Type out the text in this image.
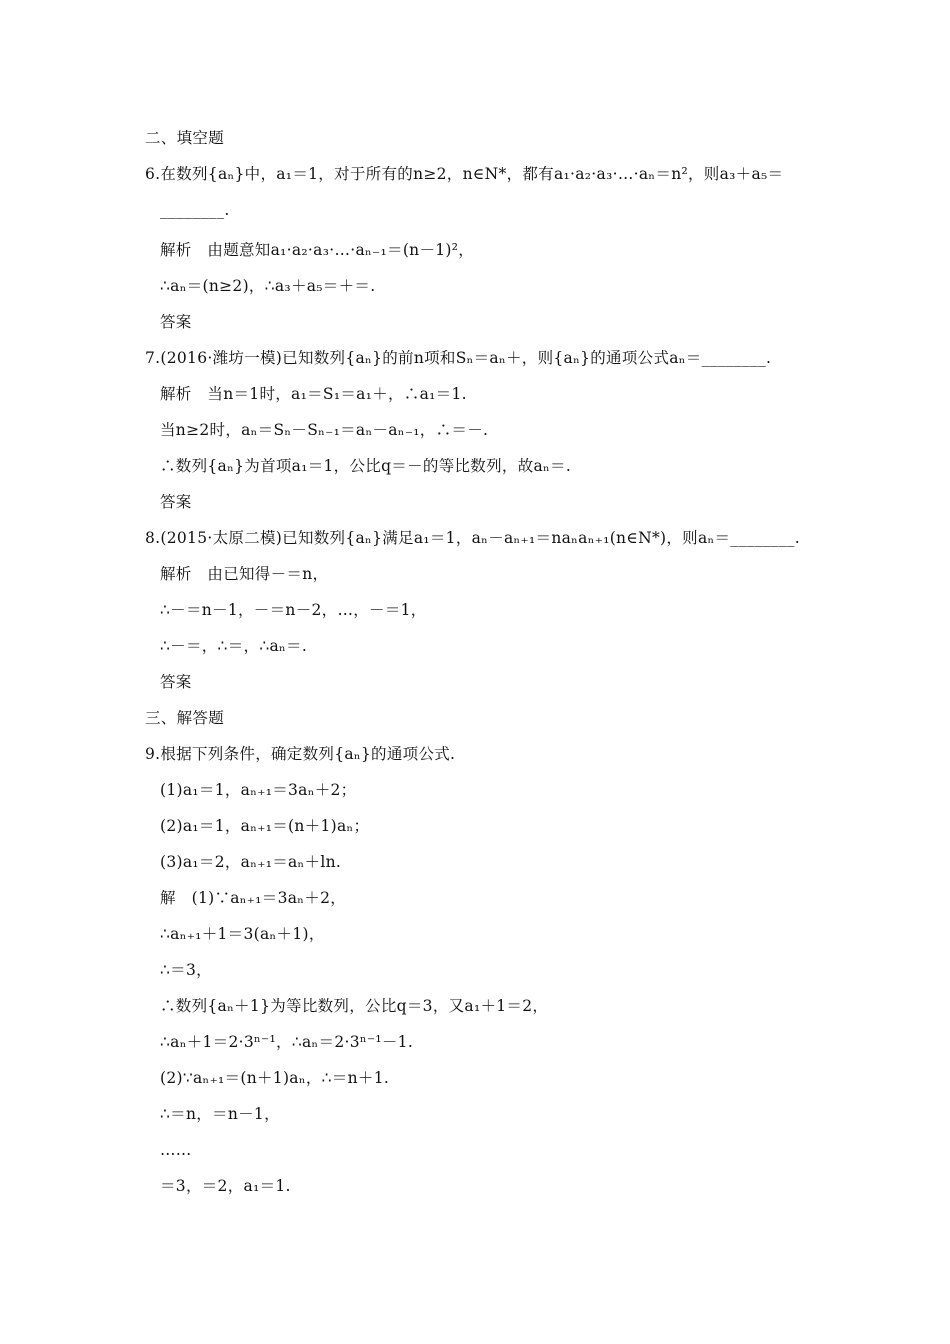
二、填空题
6.在数列{aₙ}中，a₁＝1，对于所有的n≥2，n∈N*，都有a₁·a₂·a₃·…·aₙ＝n²，则a₃＋a₅＝
________.
解析　由题意知a₁·a₂·a₃·…·aₙ₋₁＝(n－1)²，
∴aₙ＝(n≥2)，∴a₃＋a₅＝＋＝.
答案
7.(2016·潍坊一模)已知数列{aₙ}的前n项和Sₙ＝aₙ＋，则{aₙ}的通项公式aₙ＝________.
解析　当n＝1时，a₁＝S₁＝a₁＋，∴a₁＝1.
当n≥2时，aₙ＝Sₙ－Sₙ₋₁＝aₙ－aₙ₋₁，∴＝－.
∴数列{aₙ}为首项a₁＝1，公比q＝－的等比数列，故aₙ＝.
答案
8.(2015·太原二模)已知数列{aₙ}满足a₁＝1，aₙ－aₙ₊₁＝naₙaₙ₊₁(n∈N*)，则aₙ＝________.
解析　由已知得－＝n，
∴－＝n－1，－＝n－2，…，－＝1，
∴－＝，∴＝，∴aₙ＝.
答案
三、解答题
9.根据下列条件，确定数列{aₙ}的通项公式.
(1)a₁＝1，aₙ₊₁＝3aₙ＋2；
(2)a₁＝1，aₙ₊₁＝(n＋1)aₙ；
(3)a₁＝2，aₙ₊₁＝aₙ＋ln.
解　(1)∵aₙ₊₁＝3aₙ＋2，
∴aₙ₊₁＋1＝3(aₙ＋1)，
∴＝3，
∴数列{aₙ＋1}为等比数列，公比q＝3，又a₁＋1＝2，
∴aₙ＋1＝2·3ⁿ⁻¹，∴aₙ＝2·3ⁿ⁻¹－1.
(2)∵aₙ₊₁＝(n＋1)aₙ，∴＝n＋1.
∴＝n，＝n－1，
……
＝3，＝2，a₁＝1.
